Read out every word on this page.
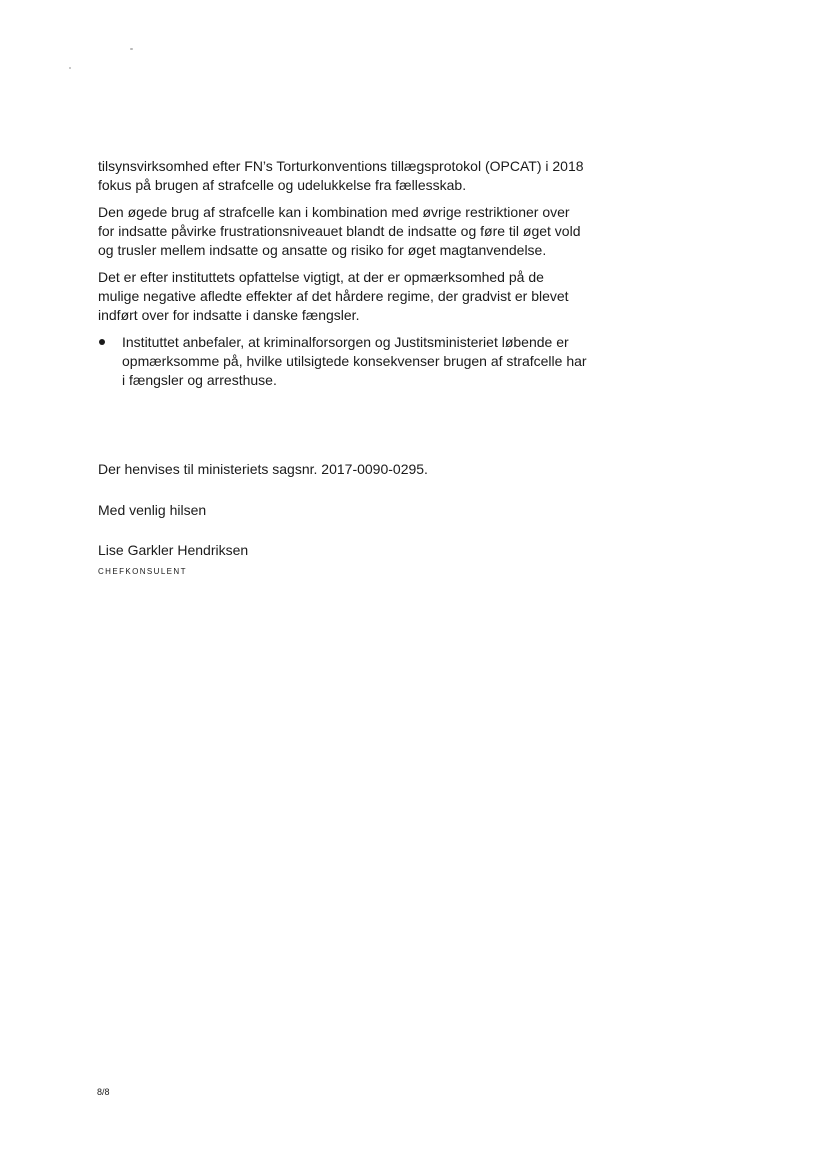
tilsynsvirksomhed efter FN’s Torturkonventions tillægsprotokol (OPCAT) i 2018 fokus på brugen af strafcelle og udelukkelse fra fællesskab.

Den øgede brug af strafcelle kan i kombination med øvrige restriktioner over for indsatte påvirke frustrationsniveauet blandt de indsatte og føre til øget vold og trusler mellem indsatte og ansatte og risiko for øget magtanvendelse.

Det er efter instituttets opfattelse vigtigt, at der er opmærksomhed på de mulige negative afledte effekter af det hårdere regime, der gradvist er blevet indført over for indsatte i danske fængsler.

Instituttet anbefaler, at kriminalforsorgen og Justitsministeriet løbende er opmærksomme på, hvilke utilsigtede konsekvenser brugen af strafcelle har i fængsler og arresthuse.

Der henvises til ministeriets sagsnr. 2017-0090-0295.

Med venlig hilsen

Lise Garkler Hendriksen

CHEFKONSULENT

8/8
